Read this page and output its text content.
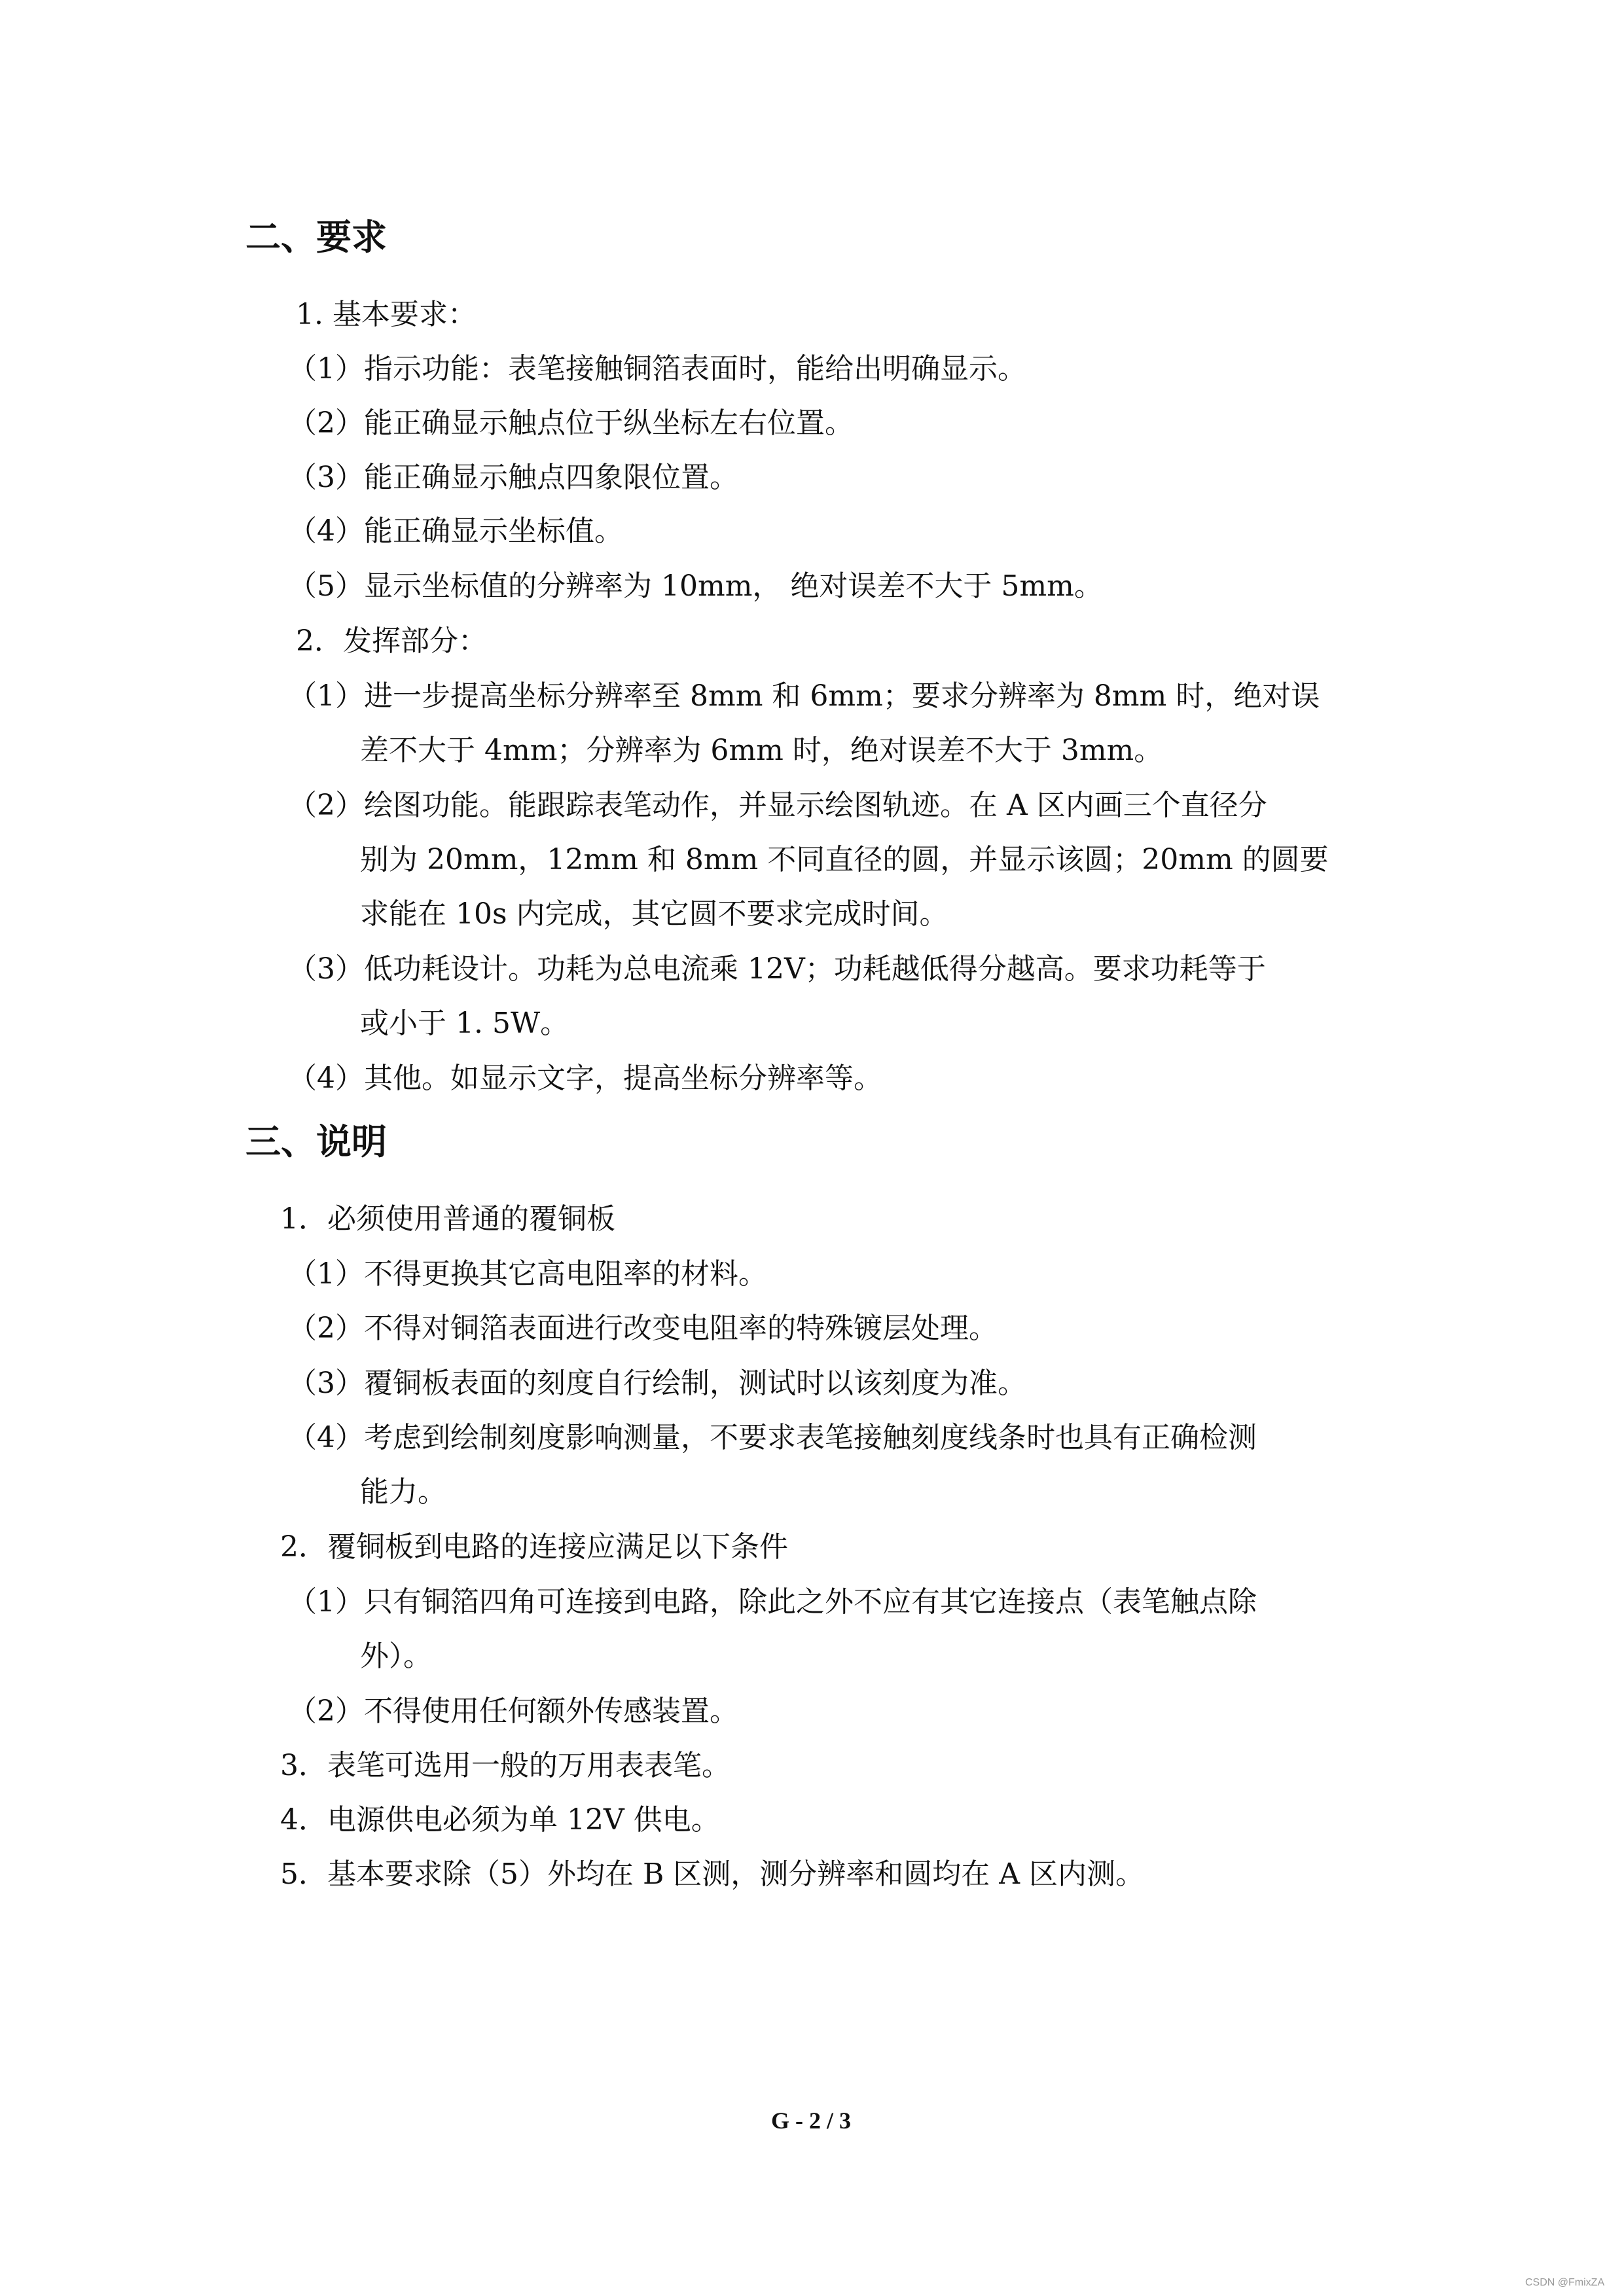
二、要求
1. 基本要求：
（1）指示功能：表笔接触铜箔表面时，能给出明确显示。
（2）能正确显示触点位于纵坐标左右位置。
（3）能正确显示触点四象限位置。
（4）能正确显示坐标值。
（5）显示坐标值的分辨率为 10mm， 绝对误差不大于 5mm。
2．发挥部分：
（1）进一步提高坐标分辨率至 8mm 和 6mm；要求分辨率为 8mm 时，绝对误
差不大于 4mm；分辨率为 6mm 时，绝对误差不大于 3mm。
（2）绘图功能。能跟踪表笔动作，并显示绘图轨迹。在 A 区内画三个直径分
别为 20mm，12mm 和 8mm 不同直径的圆，并显示该圆；20mm 的圆要
求能在 10s 内完成，其它圆不要求完成时间。
（3）低功耗设计。功耗为总电流乘 12V；功耗越低得分越高。要求功耗等于
或小于 1. 5W。
（4）其他。如显示文字，提高坐标分辨率等。
三、说明
1．必须使用普通的覆铜板
（1）不得更换其它高电阻率的材料。
（2）不得对铜箔表面进行改变电阻率的特殊镀层处理。
（3）覆铜板表面的刻度自行绘制，测试时以该刻度为准。
（4）考虑到绘制刻度影响测量，不要求表笔接触刻度线条时也具有正确检测
能力。
2．覆铜板到电路的连接应满足以下条件
（1）只有铜箔四角可连接到电路，除此之外不应有其它连接点（表笔触点除
外）。
（2）不得使用任何额外传感装置。
3．表笔可选用一般的万用表表笔。
4．电源供电必须为单 12V 供电。
5．基本要求除（5）外均在 B 区测，测分辨率和圆均在 A 区内测。
G - 2 / 3
CSDN @FmixZA
